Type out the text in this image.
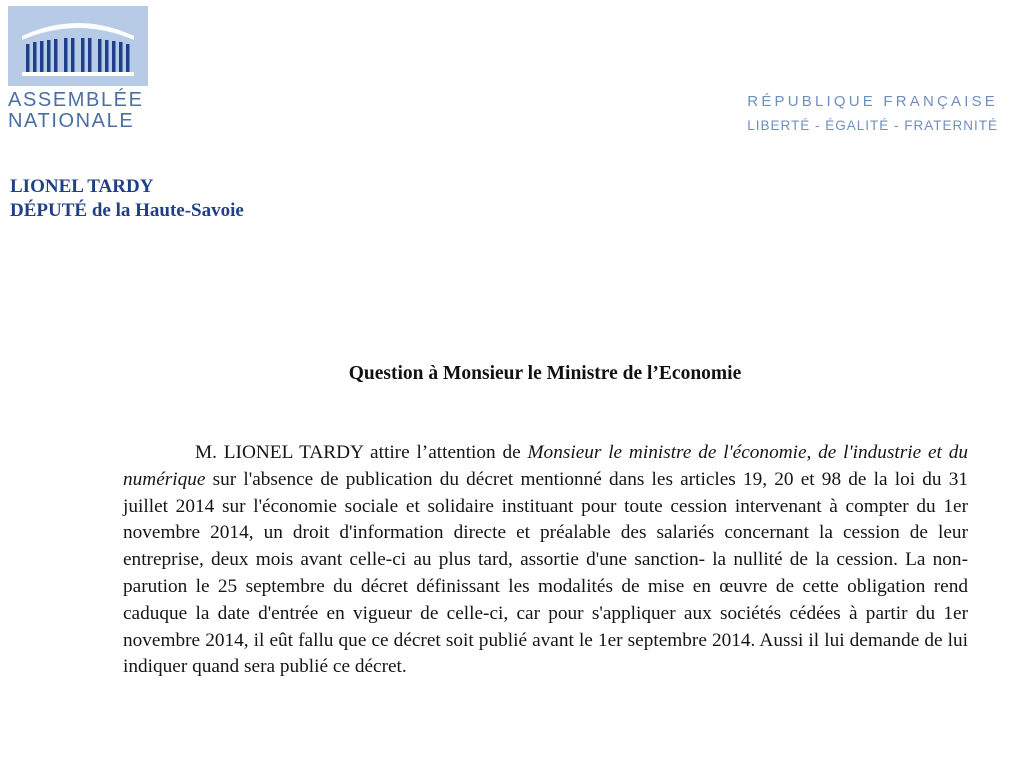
ASSEMBLÉE
NATIONALE
RÉPUBLIQUE FRANÇAISE
LIBERTÉ - ÉGALITÉ - FRATERNITÉ
LIONEL TARDY
DÉPUTÉ de la Haute-Savoie
Question à Monsieur le Ministre de l’Economie

M. LIONEL TARDY attire l’attention de Monsieur le ministre de l'économie, de l'industrie et du numérique sur l'absence de publication du décret mentionné dans les articles 19, 20 et 98 de la loi du 31 juillet 2014 sur l'économie sociale et solidaire instituant pour toute cession intervenant à compter du 1er novembre 2014, un droit d'information directe et préalable des salariés concernant la cession de leur entreprise, deux mois avant celle-ci au plus tard, assortie d'une sanction- la nullité de la cession. La non-parution le 25 septembre du décret définissant les modalités de mise en œuvre de cette obligation rend caduque la date d'entrée en vigueur de celle-ci, car pour s'appliquer aux sociétés cédées à partir du 1er novembre 2014, il eût fallu que ce décret soit publié avant le 1er septembre 2014. Aussi il lui demande de lui indiquer quand sera publié ce décret.
